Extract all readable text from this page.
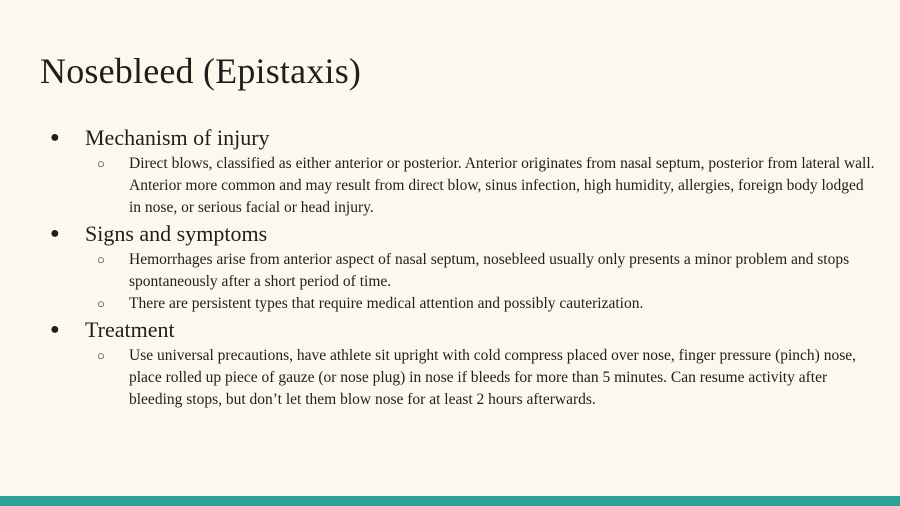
Nosebleed (Epistaxis)

● Mechanism of injury

○ Direct blows, classified as either anterior or posterior. Anterior originates from nasal septum, posterior from lateral wall. Anterior more common and may result from direct blow, sinus infection, high humidity, allergies, foreign body lodged in nose, or serious facial or head injury.

● Signs and symptoms

○ Hemorrhages arise from anterior aspect of nasal septum, nosebleed usually only presents a minor problem and stops spontaneously after a short period of time.

○ There are persistent types that require medical attention and possibly cauterization.

● Treatment

○ Use universal precautions, have athlete sit upright with cold compress placed over nose, finger pressure (pinch) nose, place rolled up piece of gauze (or nose plug) in nose if bleeds for more than 5 minutes. Can resume activity after bleeding stops, but don’t let them blow nose for at least 2 hours afterwards.
